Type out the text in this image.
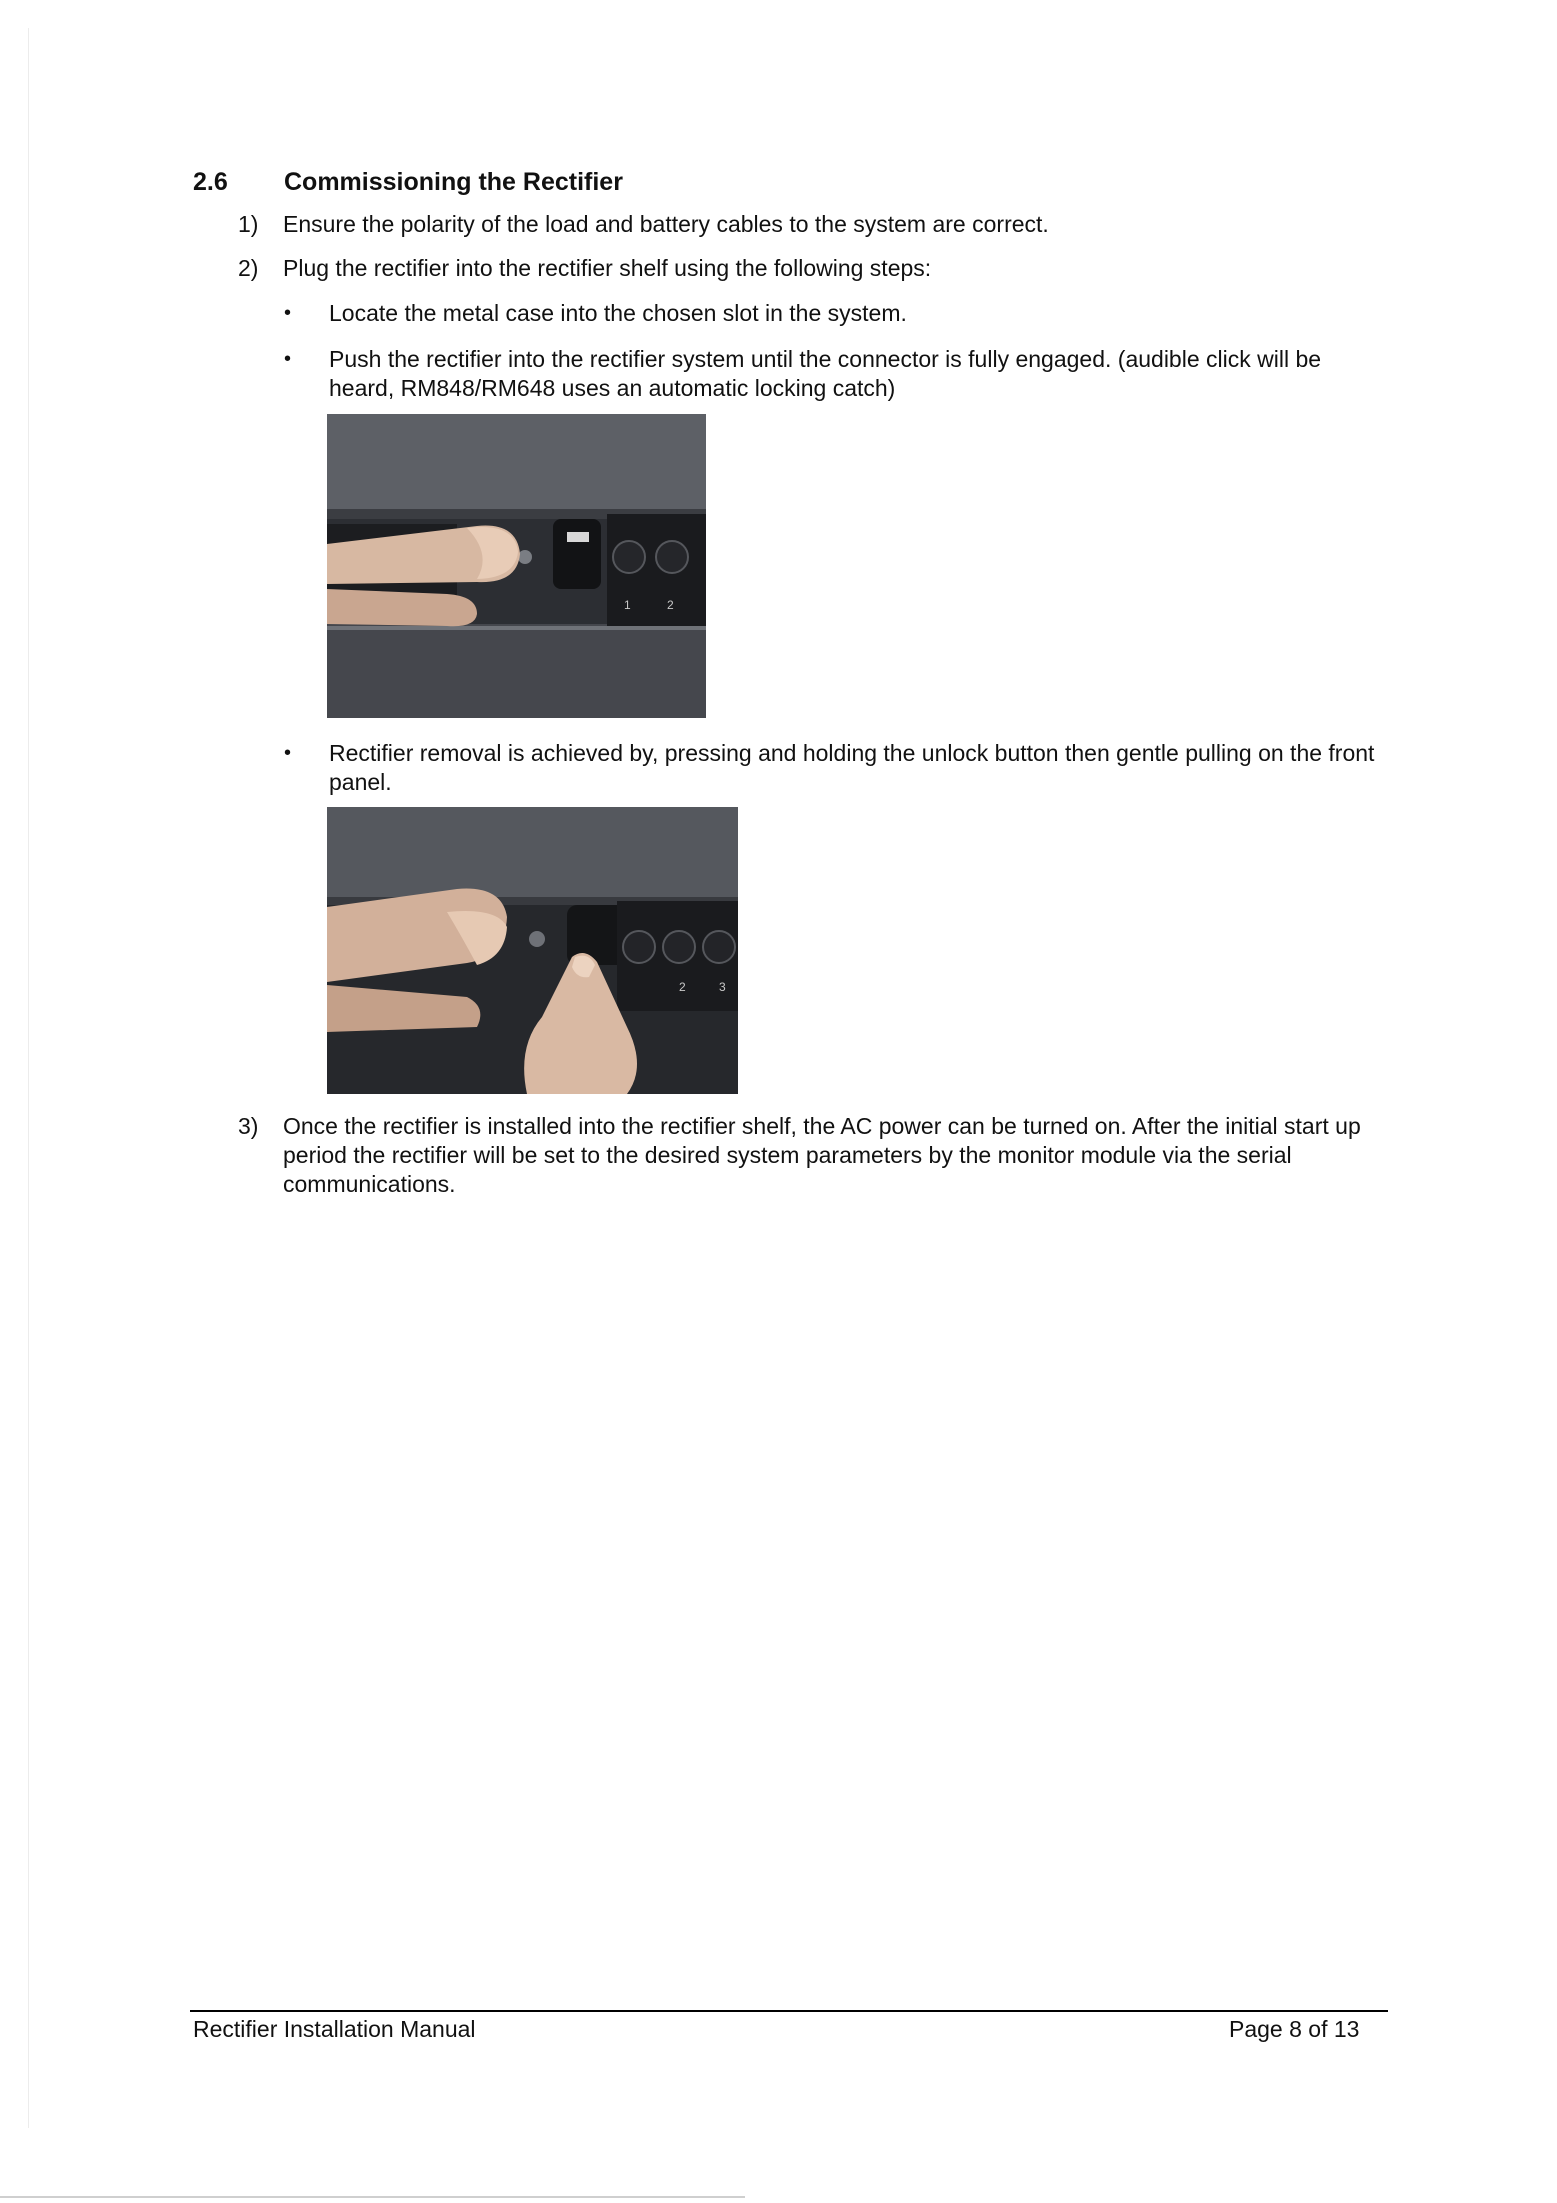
2.6 Commissioning the Rectifier
1) Ensure the polarity of the load and battery cables to the system are correct.
2) Plug the rectifier into the rectifier shelf using the following steps:
• Locate the metal case into the chosen slot in the system.
• Push the rectifier into the rectifier system until the connector is fully engaged. (audible click will be heard, RM848/RM648 uses an automatic locking catch)
1	2
• Rectifier removal is achieved by, pressing and holding the unlock button then gentle pulling on the front panel.
2	3
3) Once the rectifier is installed into the rectifier shelf, the AC power can be turned on. After the initial start up period the rectifier will be set to the desired system parameters by the monitor module via the serial communications.
Rectifier Installation Manual	Page 8 of 13
